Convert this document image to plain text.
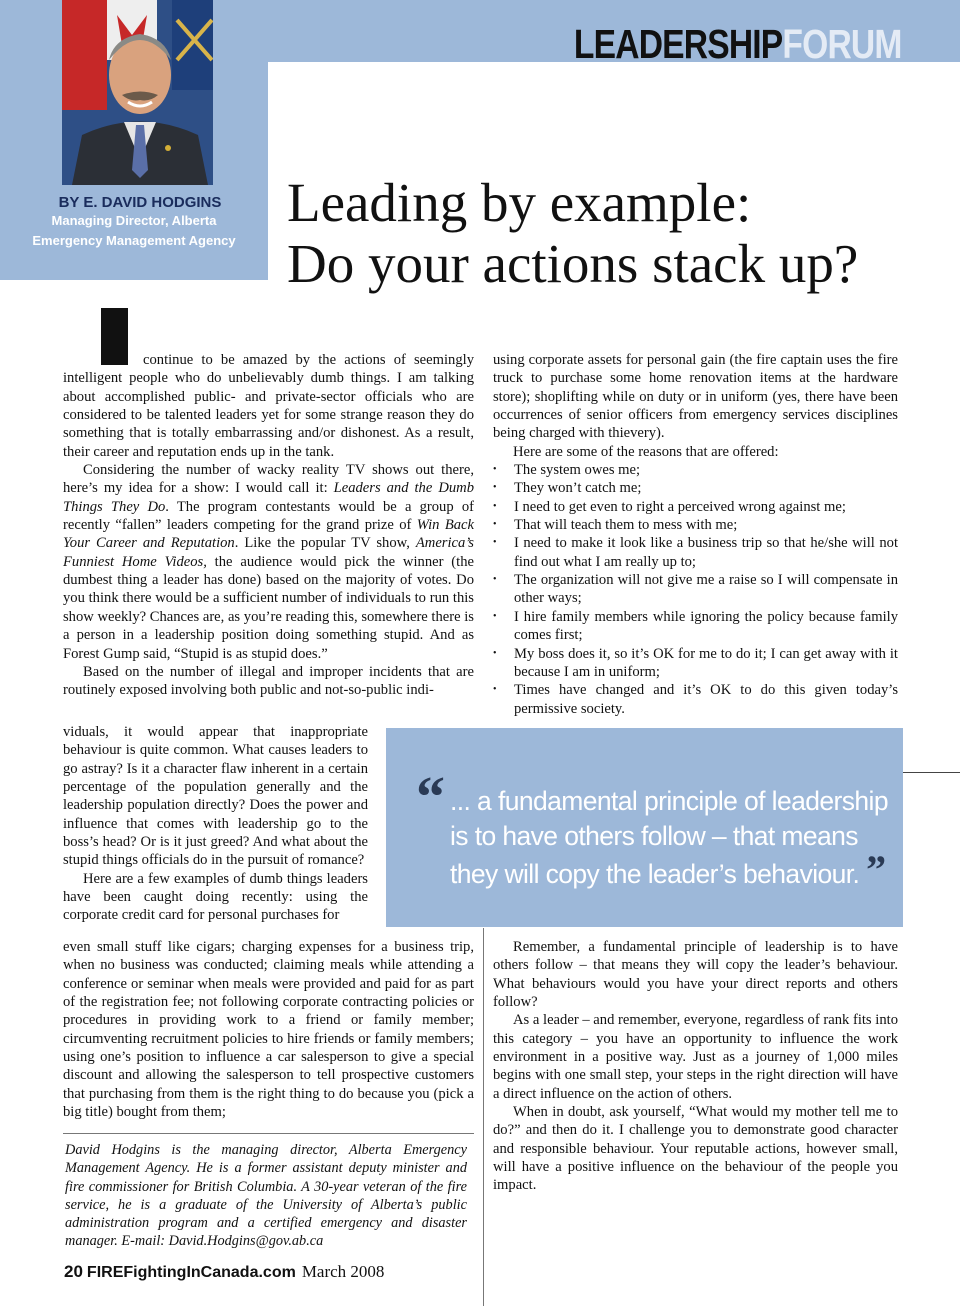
LEADERSHIPFORUM
BY E. DAVID HODGINS
Managing Director, Alberta
Emergency Management Agency
Leading by example:
Do your actions stack up?

continue to be amazed by the actions of seemingly intelligent people who do unbelievably dumb things. I am talking about accomplished public- and private-sector officials who are considered to be talented leaders yet for some strange reason they do something that is totally embarrassing and/or dishonest. As a result, their career and reputation ends up in the tank.

Considering the number of wacky reality TV shows out there, here’s my idea for a show: I would call it: Leaders and the Dumb Things They Do. The program contestants would be a group of recently “fallen” leaders competing for the grand prize of Win Back Your Career and Reputation. Like the popular TV show, America’s Funniest Home Videos, the audience would pick the winner (the dumbest thing a leader has done) based on the majority of votes. Do you think there would be a sufficient number of individuals to run this show weekly? Chances are, as you’re reading this, somewhere there is a person in a leadership position doing something stupid. And as Forest Gump said, “Stupid is as stupid does.”

Based on the number of illegal and improper incidents that are routinely exposed involving both public and not-so-public indi-

viduals, it would appear that inappropriate behaviour is quite common. What causes leaders to go astray? Is it a character flaw inherent in a certain percentage of the population generally and the leadership population directly? Does the power and influence that comes with leadership go to the boss’s head? Or is it just greed? And what about the stupid things officials do in the pursuit of romance?

Here are a few examples of dumb things leaders have been caught doing recently: using the corporate credit card for personal purchases for

even small stuff like cigars; charging expenses for a business trip, when no business was conducted; claiming meals while attending a conference or seminar when meals were provided and paid for as part of the registration fee; not following corporate contracting policies or procedures in providing work to a friend or family member; circumventing recruitment policies to hire friends or family members; using one’s position to influence a car salesperson to give a special discount and allowing the salesperson to tell prospective customers that purchasing from them is the right thing to do because you (pick a big title) bought from them;

using corporate assets for personal gain (the fire captain uses the fire truck to purchase some home renovation items at the hardware store); shoplifting while on duty or in uniform (yes, there have been occurrences of senior officers from emergency services disciplines being charged with thievery).

Here are some of the reasons that are offered:

• The system owes me;
• They won’t catch me;
• I need to get even to right a perceived wrong against me;
• That will teach them to mess with me;
• I need to make it look like a business trip so that he/she will not find out what I am really up to;
• The organization will not give me a raise so I will compensate in other ways;
• I hire family members while ignoring the policy because family comes first;
• My boss does it, so it’s OK for me to do it; I can get away with it because I am in uniform;
• Times have changed and it’s OK to do this given today’s permissive society.
“ ... a fundamental principle of leadership is to have others follow – that means they will copy the leader’s behaviour. ”

Remember, a fundamental principle of leadership is to have others follow – that means they will copy the leader’s behaviour. What behaviours would you have your direct reports and others follow?

As a leader – and remember, everyone, regardless of rank fits into this category – you have an opportunity to influence the work environment in a positive way. Just as a journey of 1,000 miles begins with one small step, your steps in the right direction will have a direct influence on the action of others.

When in doubt, ask yourself, “What would my mother tell me to do?” and then do it. I challenge you to demonstrate good character and responsible behaviour. Your reputable actions, however small, will have a positive influence on the behaviour of the people you impact.

David Hodgins is the managing director, Alberta Emergency Management Agency. He is a former assistant deputy minister and fire commissioner for British Columbia. A 30-year veteran of the fire service, he is a graduate of the University of Alberta’s public administration program and a certified emergency and disaster manager. E-mail: David.Hodgins@gov.ab.ca
20 FIREFightingInCanada.com March 2008
